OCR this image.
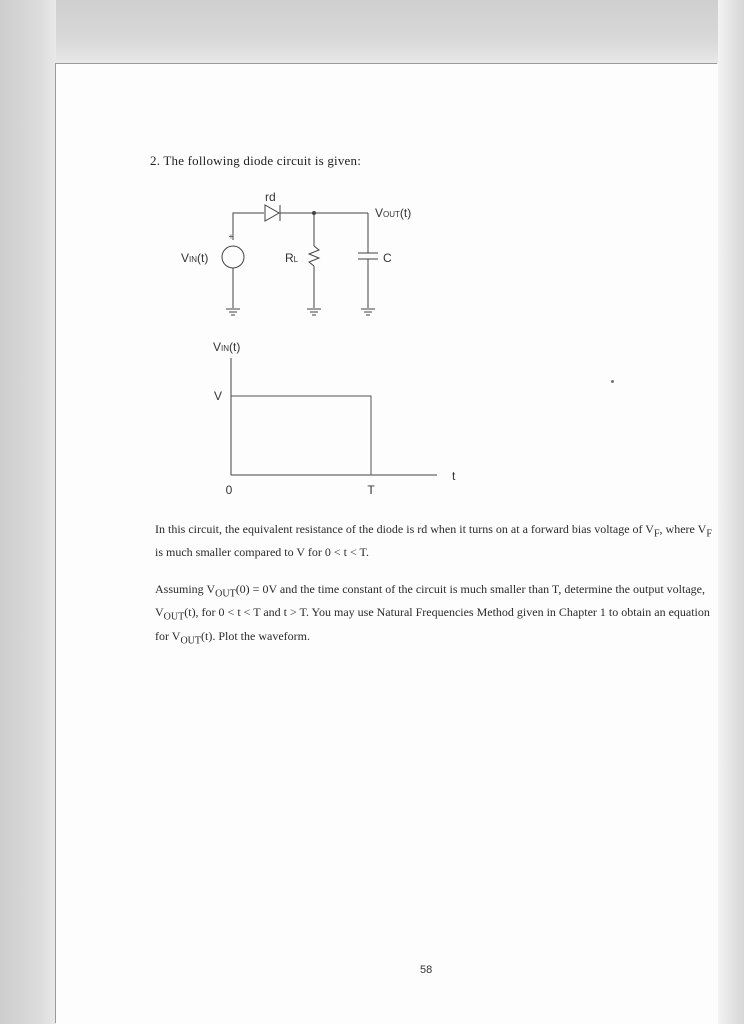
2. The following diode circuit is given:
rd
VOUT(t)
+
VIN(t)	RL	C
VIN(t)
V
0	T
t
In this circuit, the equivalent resistance of the diode is rd when it turns on at a forward bias voltage of $V_F$, where $V_F$ is much smaller compared to V for 0 < t < T.
Assuming $V_{OUT}(0) = 0V$ and the time constant of the circuit is much smaller than T, determine the output voltage, $V_{OUT}(t)$, for 0 < t < T and t > T. You may use Natural Frequencies Method given in Chapter 1 to obtain an equation for $V_{OUT}(t)$. Plot the waveform.
58
